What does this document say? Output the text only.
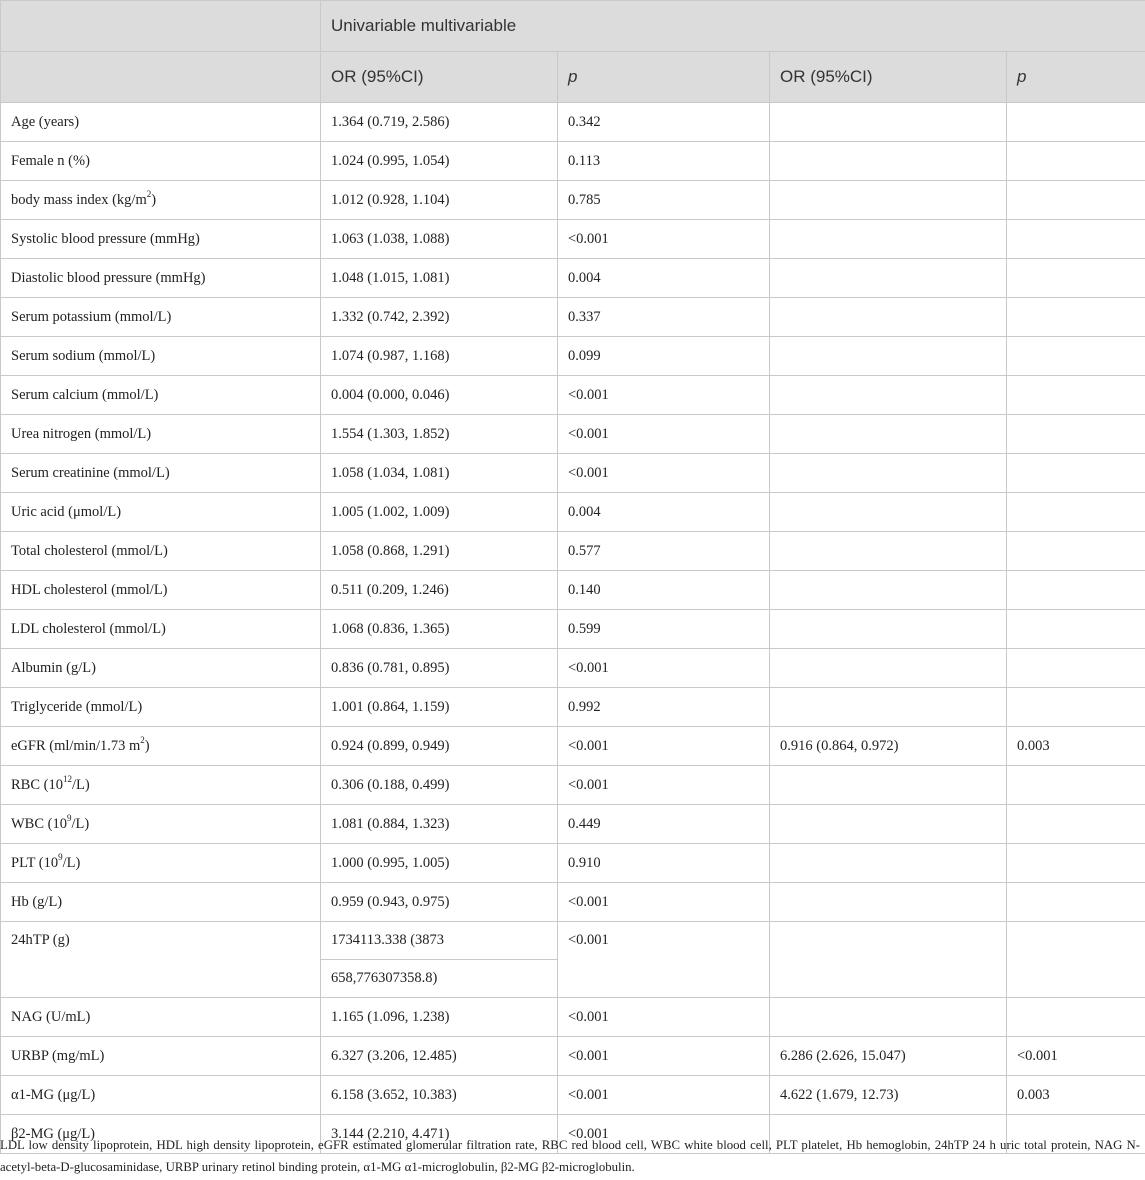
	Univariable multivariable			
	OR (95%CI)	p	OR (95%CI)	p
Age (years)	1.364 (0.719, 2.586)	0.342		
Female n (%)	1.024 (0.995, 1.054)	0.113		
body mass index $(kg/m^2)$	1.012 (0.928, 1.104)	0.785		
Systolic blood pressure (mmHg)	1.063 (1.038, 1.088)	<0.001		
Diastolic blood pressure (mmHg)	1.048 (1.015, 1.081)	0.004		
Serum potassium (mmol/L)	1.332 (0.742, 2.392)	0.337		
Serum sodium (mmol/L)	1.074 (0.987, 1.168)	0.099		
Serum calcium (mmol/L)	0.004 (0.000, 0.046)	<0.001		
Urea nitrogen (mmol/L)	1.554 (1.303, 1.852)	<0.001		
Serum creatinine (mmol/L)	1.058 (1.034, 1.081)	<0.001		
Uric acid (μmol/L)	1.005 (1.002, 1.009)	0.004		
Total cholesterol (mmol/L)	1.058 (0.868, 1.291)	0.577		
HDL cholesterol (mmol/L)	0.511 (0.209, 1.246)	0.140		
LDL cholesterol (mmol/L)	1.068 (0.836, 1.365)	0.599		
Albumin (g/L)	0.836 (0.781, 0.895)	<0.001		
Triglyceride (mmol/L)	1.001 (0.864, 1.159)	0.992		
eGFR (ml/min/1.73 $m^2$)	0.924 (0.899, 0.949)	<0.001	0.916 (0.864, 0.972)	0.003
RBC $(10^{12}/L)$	0.306 (0.188, 0.499)	<0.001		
WBC $(10^9/L)$	1.081 (0.884, 1.323)	0.449		
PLT $(10^9/L)$	1.000 (0.995, 1.005)	0.910		
Hb (g/L)	0.959 (0.943, 0.975)	<0.001		
24hTP (g)	1734113.338 (3873	<0.001		
	658,776307358.8)			
NAG (U/mL)	1.165 (1.096, 1.238)	<0.001		
URBP (mg/mL)	6.327 (3.206, 12.485)	<0.001	6.286 (2.626, 15.047)	<0.001
α1-MG (μg/L)	6.158 (3.652, 10.383)	<0.001	4.622 (1.679, 12.73)	0.003
β2-MG (μg/L)	3.144 (2.210, 4.471)	<0.001		
LDL low density lipoprotein, HDL high density lipoprotein, eGFR estimated glomerular filtration rate, RBC red blood cell, WBC white blood cell, PLT platelet, Hb hemoglobin, 24hTP 24 h uric total protein, NAG N-acetyl-beta-D-glucosaminidase, URBP urinary retinol binding protein, α1-MG α1-microglobulin, β2-MG β2-microglobulin.
